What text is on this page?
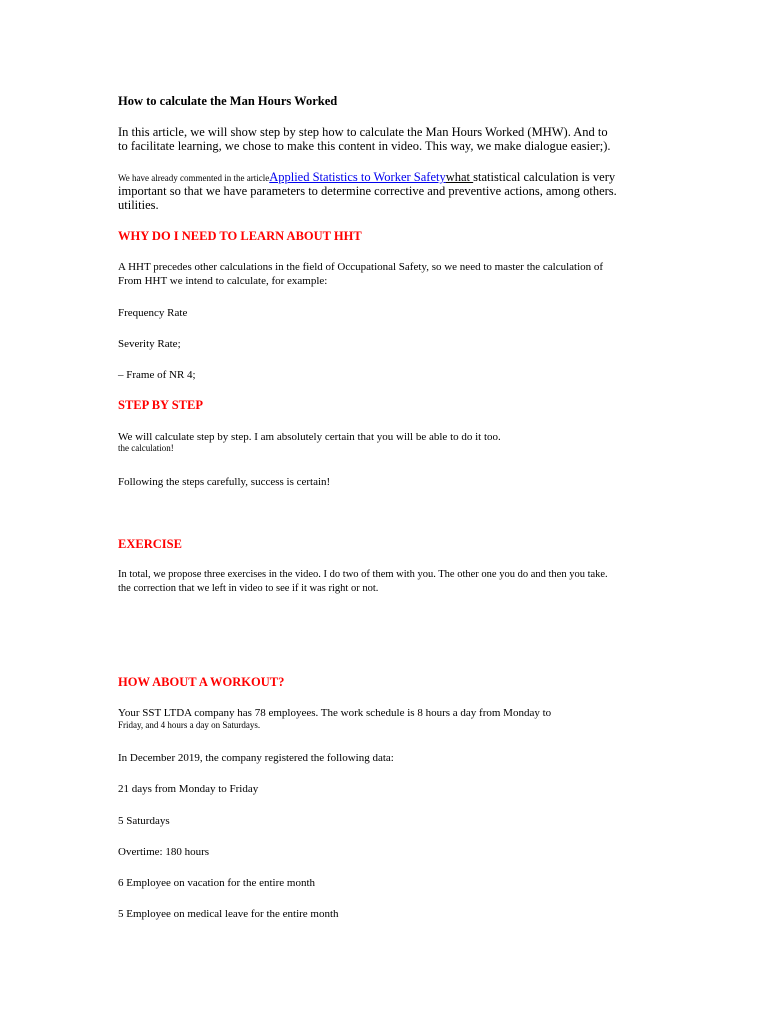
How to calculate the Man Hours Worked

In this article, we will show step by step how to calculate the Man Hours Worked (MHW). And to

to facilitate learning, we chose to make this content in video. This way, we make dialogue easier;).

We have already commented in the articleApplied Statistics to Worker Safetywhat statistical calculation is very

important so that we have parameters to determine corrective and preventive actions, among others.

utilities.

WHY DO I NEED TO LEARN ABOUT HHT

A HHT precedes other calculations in the field of Occupational Safety, so we need to master the calculation of

From HHT we intend to calculate, for example:

Frequency Rate

Severity Rate;

– Frame of NR 4;

STEP BY STEP

We will calculate step by step. I am absolutely certain that you will be able to do it too.

the calculation!

Following the steps carefully, success is certain!

EXERCISE

In total, we propose three exercises in the video. I do two of them with you. The other one you do and then you take.

the correction that we left in video to see if it was right or not.

HOW ABOUT A WORKOUT?

Your SST LTDA company has 78 employees. The work schedule is 8 hours a day from Monday to

Friday, and 4 hours a day on Saturdays.

In December 2019, the company registered the following data:

21 days from Monday to Friday

5 Saturdays

Overtime: 180 hours

6 Employee on vacation for the entire month

5 Employee on medical leave for the entire month
